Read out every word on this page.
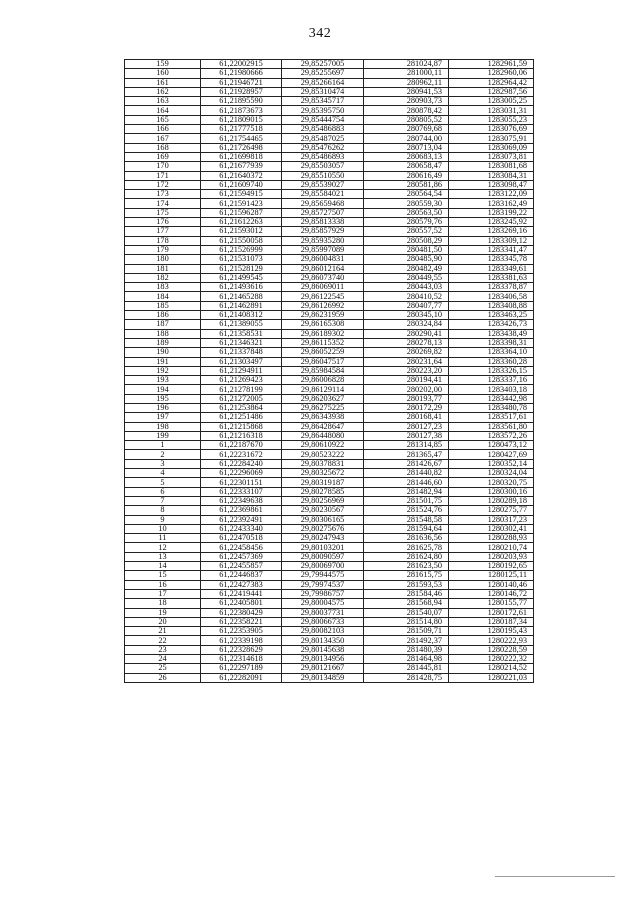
342
159	61,22002915	29,85257005	281024,87	1282961,59
160	61,21980666	29,85255697	281000,11	1282960,06
161	61,21946721	29,85266164	280962,11	1282964,42
162	61,21928957	29,85310474	280941,53	1282987,56
163	61,21895590	29,85345717	280903,73	1283005,25
164	61,21873673	29,85395750	280878,42	1283031,31
165	61,21809015	29,85444754	280805,52	1283055,23
166	61,21777518	29,85486883	280769,68	1283076,69
167	61,21754465	29,85487025	280744,00	1283075,91
168	61,21726498	29,85476262	280713,04	1283069,09
169	61,21699818	29,85486893	280683,13	1283073,81
170	61,21677939	29,85503057	280658,47	1283081,68
171	61,21640372	29,85510550	280616,49	1283084,31
172	61,21609740	29,85539027	280581,86	1283098,47
173	61,21594915	29,85584021	280564,54	1283122,09
174	61,21591423	29,85659468	280559,30	1283162,49
175	61,21596287	29,85727507	280563,50	1283199,22
176	61,21612263	29,85813338	280579,76	1283245,92
177	61,21593012	29,85857929	280557,52	1283269,16
178	61,21550058	29,85935280	280508,29	1283309,12
179	61,21526999	29,85997089	280481,50	1283341,47
180	61,21531073	29,86004831	280485,90	1283345,78
181	61,21528129	29,86012164	280482,49	1283349,61
182	61,21499545	29,86073740	280449,55	1283381,63
183	61,21493616	29,86069011	280443,03	1283378,87
184	61,21465288	29,86122545	280410,52	1283406,58
185	61,21462891	29,86126992	280407,77	1283408,88
186	61,21408312	29,86231959	280345,10	1283463,25
187	61,21389055	29,86165308	280324,84	1283426,73
188	61,21358531	29,86189302	280290,41	1283438,49
189	61,21346321	29,86115352	280278,13	1283398,31
190	61,21337848	29,86052259	280269,82	1283364,10
191	61,21303497	29,86047517	280231,64	1283360,28
192	61,21294911	29,85984584	280223,20	1283326,15
193	61,21269423	29,86006828	280194,41	1283337,16
194	61,21278199	29,86129114	280202,00	1283403,18
195	61,21272005	29,86203627	280193,77	1283442,98
196	61,21253864	29,86275225	280172,29	1283480,78
197	61,21251486	29,86343938	280168,41	1283517,61
198	61,21215868	29,86428647	280127,23	1283561,80
199	61,21216318	29,86448080	280127,38	1283572,26
1	61,22187670	29,80610922	281314,85	1280473,12
2	61,22231672	29,80523222	281365,47	1280427,69
3	61,22284240	29,80378831	281426,67	1280352,14
4	61,22296069	29,80325672	281440,82	1280324,04
5	61,22301151	29,80319187	281446,60	1280320,75
6	61,22333107	29,80278585	281482,94	1280300,16
7	61,22349638	29,80256969	281501,75	1280289,18
8	61,22369861	29,80230567	281524,76	1280275,77
9	61,22392491	29,80306165	281548,58	1280317,23
10	61,22433340	29,80275676	281594,64	1280302,41
11	61,22470518	29,80247943	281636,56	1280288,93
12	61,22458456	29,80103201	281625,78	1280210,74
13	61,22457369	29,80090597	281624,80	1280203,93
14	61,22455857	29,80069700	281623,50	1280192,65
15	61,22446837	29,79944575	281615,75	1280125,11
16	61,22427383	29,79974537	281593,53	1280140,46
17	61,22419441	29,79986757	281584,46	1280146,72
18	61,22405801	29,80004575	281568,94	1280155,77
19	61,22380429	29,80037731	281540,07	1280172,61
20	61,22358221	29,80066733	281514,80	1280187,34
21	61,22353905	29,80082103	281509,71	1280195,43
22	61,22339198	29,80134350	281492,37	1280222,93
23	61,22328629	29,80145638	281480,39	1280228,59
24	61,22314618	29,80134956	281464,98	1280222,32
25	61,22297189	29,80121667	281445,81	1280214,52
26	61,22282091	29,80134859	281428,75	1280221,03
